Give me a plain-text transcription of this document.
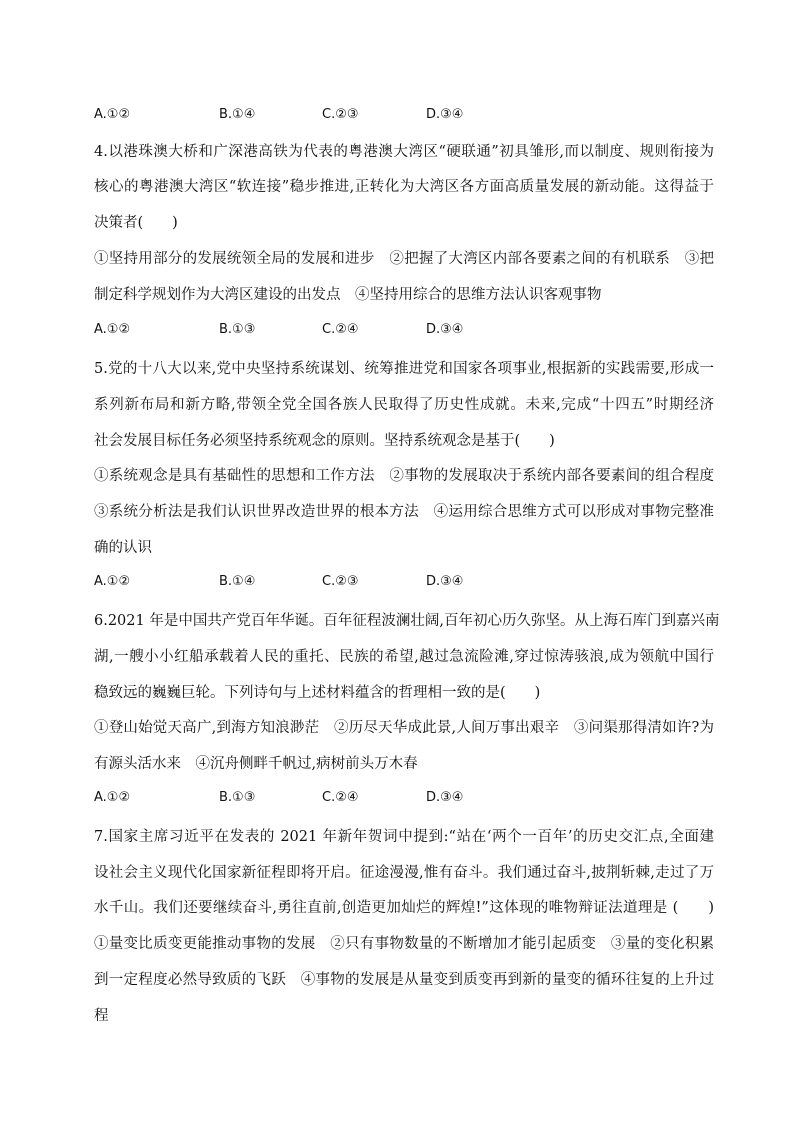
A.①②	B.①④	C.②③	D.③④
4.以港珠澳大桥和广深港高铁为代表的粤港澳大湾区“硬联通”初具雏形,而以制度、规则衔接为
核心的粤港澳大湾区“软连接”稳步推进,正转化为大湾区各方面高质量发展的新动能。这得益于
决策者(　　)
①坚持用部分的发展统领全局的发展和进步　②把握了大湾区内部各要素之间的有机联系　③把
制定科学规划作为大湾区建设的出发点　④坚持用综合的思维方法认识客观事物
A.①②	B.①③	C.②④	D.③④
5.党的十八大以来,党中央坚持系统谋划、统筹推进党和国家各项事业,根据新的实践需要,形成一
系列新布局和新方略,带领全党全国各族人民取得了历史性成就。未来,完成“十四五”时期经济
社会发展目标任务必须坚持系统观念的原则。坚持系统观念是基于(　　)
①系统观念是具有基础性的思想和工作方法　②事物的发展取决于系统内部各要素间的组合程度
③系统分析法是我们认识世界改造世界的根本方法　④运用综合思维方式可以形成对事物完整准
确的认识
A.①②	B.①④	C.②③	D.③④
6.2021 年是中国共产党百年华诞。百年征程波澜壮阔,百年初心历久弥坚。从上海石库门到嘉兴南
湖,一艘小小红船承载着人民的重托、民族的希望,越过急流险滩,穿过惊涛骇浪,成为领航中国行
稳致远的巍巍巨轮。下列诗句与上述材料蕴含的哲理相一致的是(　　)
①登山始觉天高广,到海方知浪渺茫　②历尽天华成此景,人间万事出艰辛　③问渠那得清如许?为
有源头活水来　④沉舟侧畔千帆过,病树前头万木春
A.①②	B.①③	C.②④	D.③④
7.国家主席习近平在发表的 2021 年新年贺词中提到:“站在‘两个一百年’的历史交汇点,全面建
设社会主义现代化国家新征程即将开启。征途漫漫,惟有奋斗。我们通过奋斗,披荆斩棘,走过了万
水千山。我们还要继续奋斗,勇往直前,创造更加灿烂的辉煌!”这体现的唯物辩证法道理是 (　　)
①量变比质变更能推动事物的发展　②只有事物数量的不断增加才能引起质变　③量的变化积累
到一定程度必然导致质的飞跃　④事物的发展是从量变到质变再到新的量变的循环往复的上升过
程
